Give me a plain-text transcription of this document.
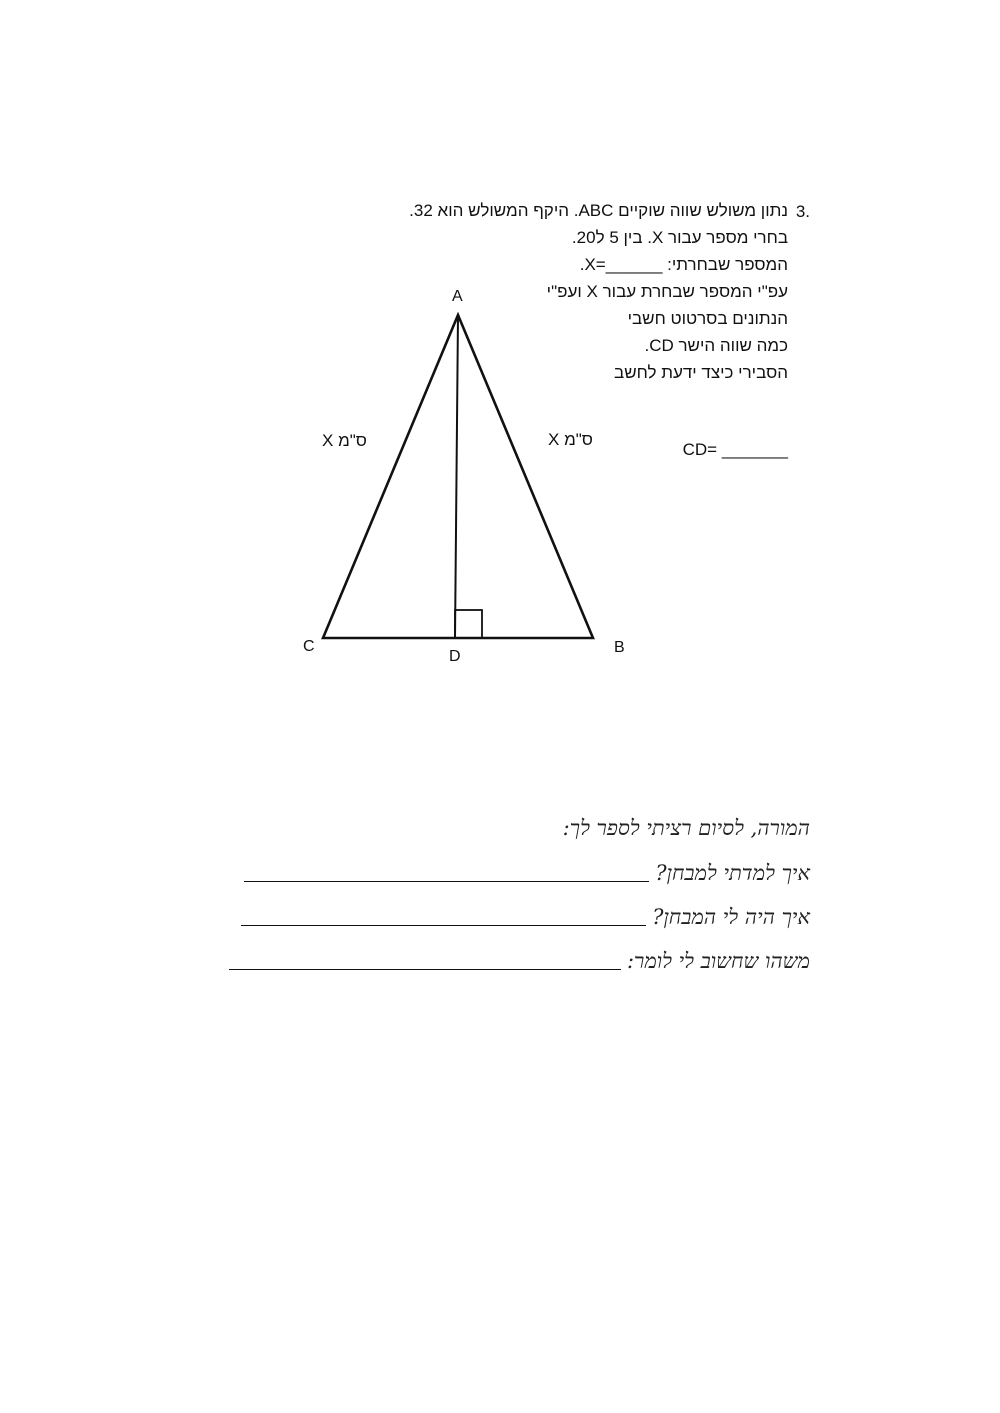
3.
נתון משולש שווה שוקיים ABC. היקף המשולש הוא 32.
בחרי מספר עבור X. בין 5 ל20.
המספר שבחרתי: ______=X.
עפ"י המספר שבחרת עבור X ועפ"י
הנתונים בסרטוט חשבי
כמה שווה הישר CD.
הסבירי כיצד ידעת לחשב
A
B
C
D
X ס"מ	X ס"מ
CD= _______
המורה, לסיום רציתי לספר לך:
איך למדתי למבחן?
איך היה לי המבחן?
משהו שחשוב לי לומר:
